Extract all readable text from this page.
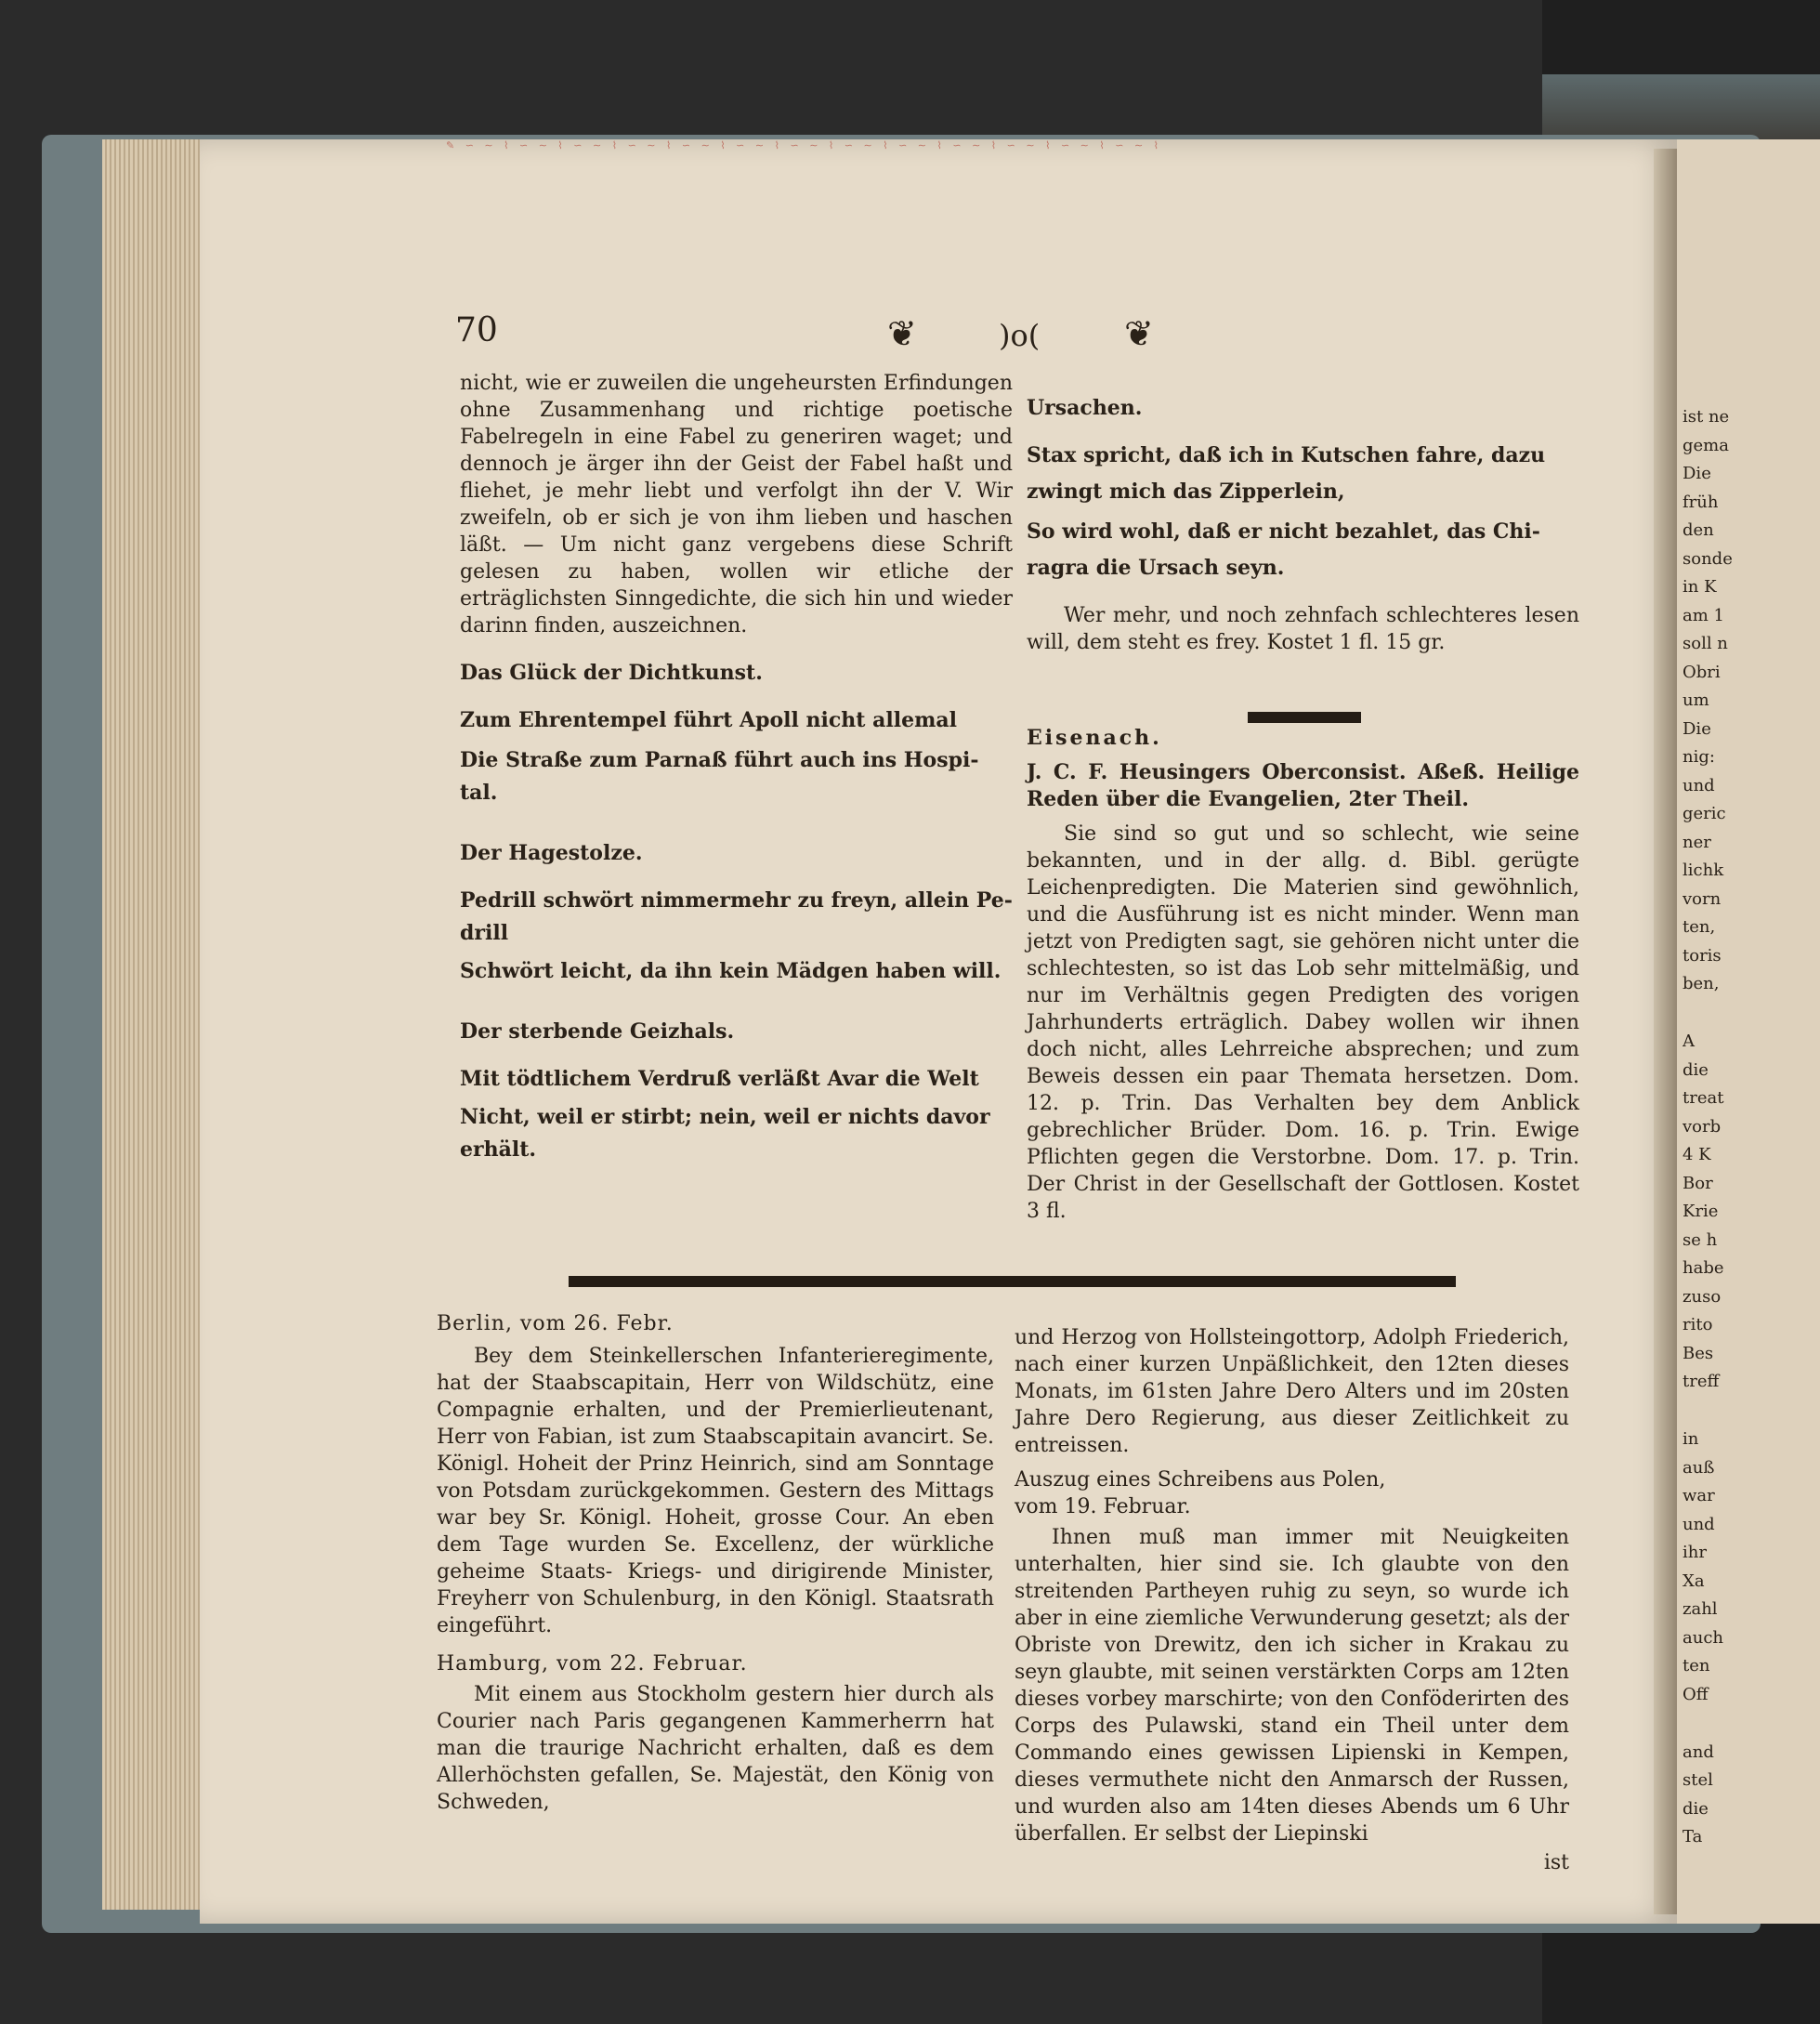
✎ ∽ ∼ ⌇ ∽ ∼ ⌇ ∽ ∼ ⌇ ∽ ∼ ⌇ ∽ ∼ ⌇ ∽ ∼ ⌇ ∽ ∼ ⌇ ∽ ∼ ⌇ ∽ ∼ ⌇ ∽ ∼ ⌇ ∽ ∼ ⌇ ∽ ∼ ⌇ ∽ ∼ ⌇
ist ne
gema
Die
früh
den
sonde
in K
am 1
soll n
Obri
um
Die
nig:
und
geric
ner
lichk
vorn
ten,
toris
ben,
A
die
treat
vorb
4 K
Bor
Krie
se h
habe
zuso
rito
Bes
treff
in
auß
war
und
ihr
Xa
zahl
auch
ten
Off
and
stel
die
Ta
70	❦	)o( ❦

nicht, wie er zuweilen die ungeheursten Erfindungen ohne Zusammenhang und richtige poetische Fabelregeln in eine Fabel zu generiren waget; und dennoch je ärger ihn der Geist der Fabel haßt und fliehet, je mehr liebt und verfolgt ihn der V. Wir zweifeln, ob er sich je von ihm lieben und haschen läßt. — Um nicht ganz vergebens diese Schrift gelesen zu haben, wollen wir etliche der erträglichsten Sinngedichte, die sich hin und wieder darinn finden, auszeichnen.

Das Glück der Dichtkunst.

Zum Ehrentempel führt Apoll nicht allemal

Die Straße zum Parnaß führt auch ins Hospi-

tal.

Der Hagestolze.

Pedrill schwört nimmermehr zu freyn, allein Pe-

drill

Schwört leicht, da ihn kein Mädgen haben will.

Der sterbende Geizhals.

Mit tödtlichem Verdruß verläßt Avar die Welt

Nicht, weil er stirbt; nein, weil er nichts davor

erhält.

Ursachen.

Stax spricht, daß ich in Kutschen fahre, dazu

zwingt mich das Zipperlein,

So wird wohl, daß er nicht bezahlet, das Chi-

ragra die Ursach seyn.

Wer mehr, und noch zehnfach schlechteres lesen will, dem steht es frey. Kostet 1 fl. 15 gr.

Eisenach.

J. C. F. Heusingers Oberconsist. Aßeß. Heilige Reden über die Evangelien, 2ter Theil.

Sie sind so gut und so schlecht, wie seine bekannten, und in der allg. d. Bibl. gerügte Leichenpredigten. Die Materien sind gewöhnlich, und die Ausführung ist es nicht minder. Wenn man jetzt von Predigten sagt, sie gehören nicht unter die schlechtesten, so ist das Lob sehr mittelmäßig, und nur im Verhältnis gegen Predigten des vorigen Jahrhunderts erträglich. Dabey wollen wir ihnen doch nicht, alles Lehrreiche absprechen; und zum Beweis dessen ein paar Themata hersetzen. Dom. 12. p. Trin. Das Verhalten bey dem Anblick gebrechlicher Brüder. Dom. 16. p. Trin. Ewige Pflichten gegen die Verstorbne. Dom. 17. p. Trin. Der Christ in der Gesellschaft der Gottlosen. Kostet 3 fl.

Berlin, vom 26. Febr.

Bey dem Steinkellerschen Infanterieregimente, hat der Staabscapitain, Herr von Wildschütz, eine Compagnie erhalten, und der Premierlieutenant, Herr von Fabian, ist zum Staabscapitain avancirt. Se. Königl. Hoheit der Prinz Heinrich, sind am Sonntage von Potsdam zurückgekommen. Gestern des Mittags war bey Sr. Königl. Hoheit, grosse Cour. An eben dem Tage wurden Se. Excellenz, der würkliche geheime Staats- Kriegs- und dirigirende Minister, Freyherr von Schulenburg, in den Königl. Staatsrath eingeführt.

Hamburg, vom 22. Februar.

Mit einem aus Stockholm gestern hier durch als Courier nach Paris gegangenen Kammerherrn hat man die traurige Nachricht erhalten, daß es dem Allerhöchsten gefallen, Se. Majestät, den König von Schweden,

und Herzog von Hollsteingottorp, Adolph Friederich, nach einer kurzen Unpäßlichkeit, den 12ten dieses Monats, im 61sten Jahre Dero Alters und im 20sten Jahre Dero Regierung, aus dieser Zeitlichkeit zu entreissen.

Auszug eines Schreibens aus Polen,

vom 19. Februar.

Ihnen muß man immer mit Neuigkeiten unterhalten, hier sind sie. Ich glaubte von den streitenden Partheyen ruhig zu seyn, so wurde ich aber in eine ziemliche Verwunderung gesetzt; als der Obriste von Drewitz, den ich sicher in Krakau zu seyn glaubte, mit seinen verstärkten Corps am 12ten dieses vorbey marschirte; von den Conföderirten des Corps des Pulawski, stand ein Theil unter dem Commando eines gewissen Lipienski in Kempen, dieses vermuthete nicht den Anmarsch der Russen, und wurden also am 14ten dieses Abends um 6 Uhr überfallen. Er selbst der Liepinski

ist
